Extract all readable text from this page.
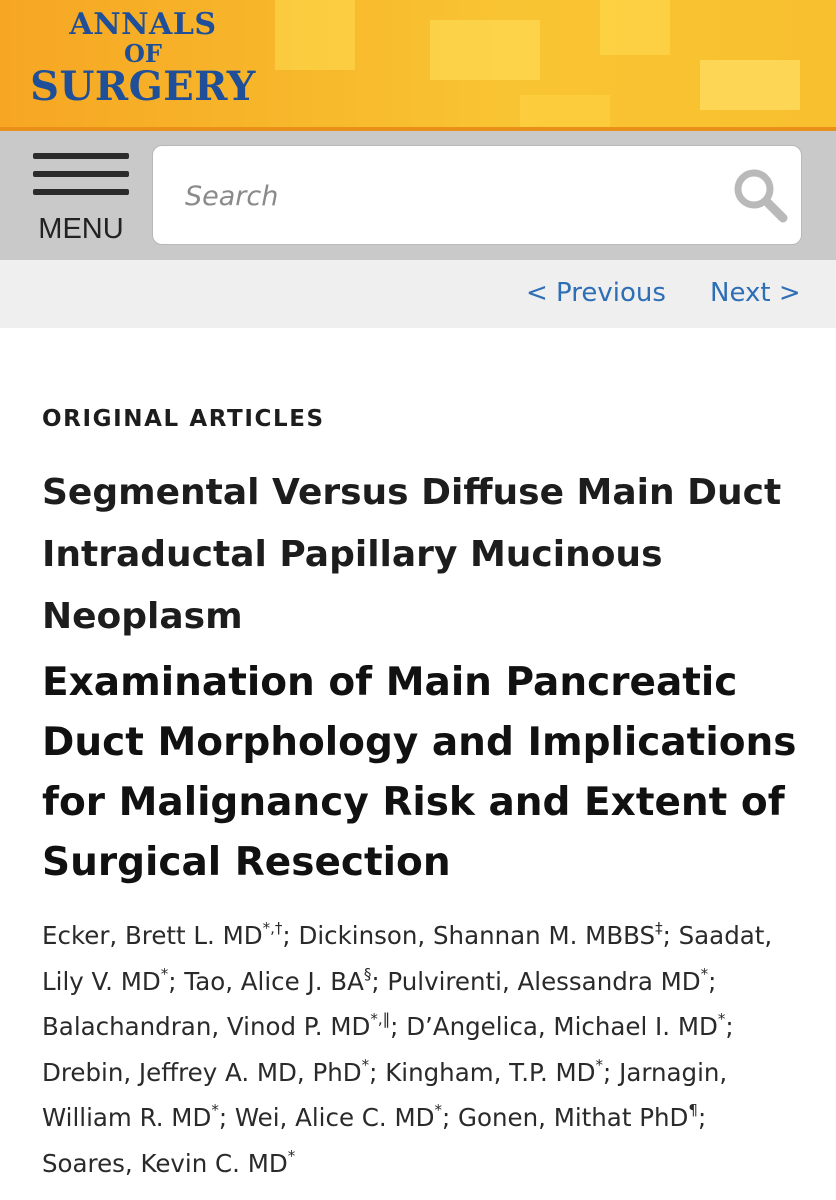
ANNALS
OF
SURGERY
MENU
Search
< Previous Next >
ORIGINAL ARTICLES
Segmental Versus Diffuse Main Duct Intraductal Papillary Mucinous Neoplasm
Examination of Main Pancreatic Duct Morphology and Implications for Malignancy Risk and Extent of Surgical Resection

Ecker, Brett L. MD*,†; Dickinson, Shannan M. MBBS‡; Saadat, Lily V. MD*; Tao, Alice J. BA§; Pulvirenti, Alessandra MD*; Balachandran, Vinod P. MD*,‖; D’Angelica, Michael I. MD*; Drebin, Jeffrey A. MD, PhD*; Kingham, T.P. MD*; Jarnagin, William R. MD*; Wei, Alice C. MD*; Gonen, Mithat PhD¶; Soares, Kevin C. MD*
